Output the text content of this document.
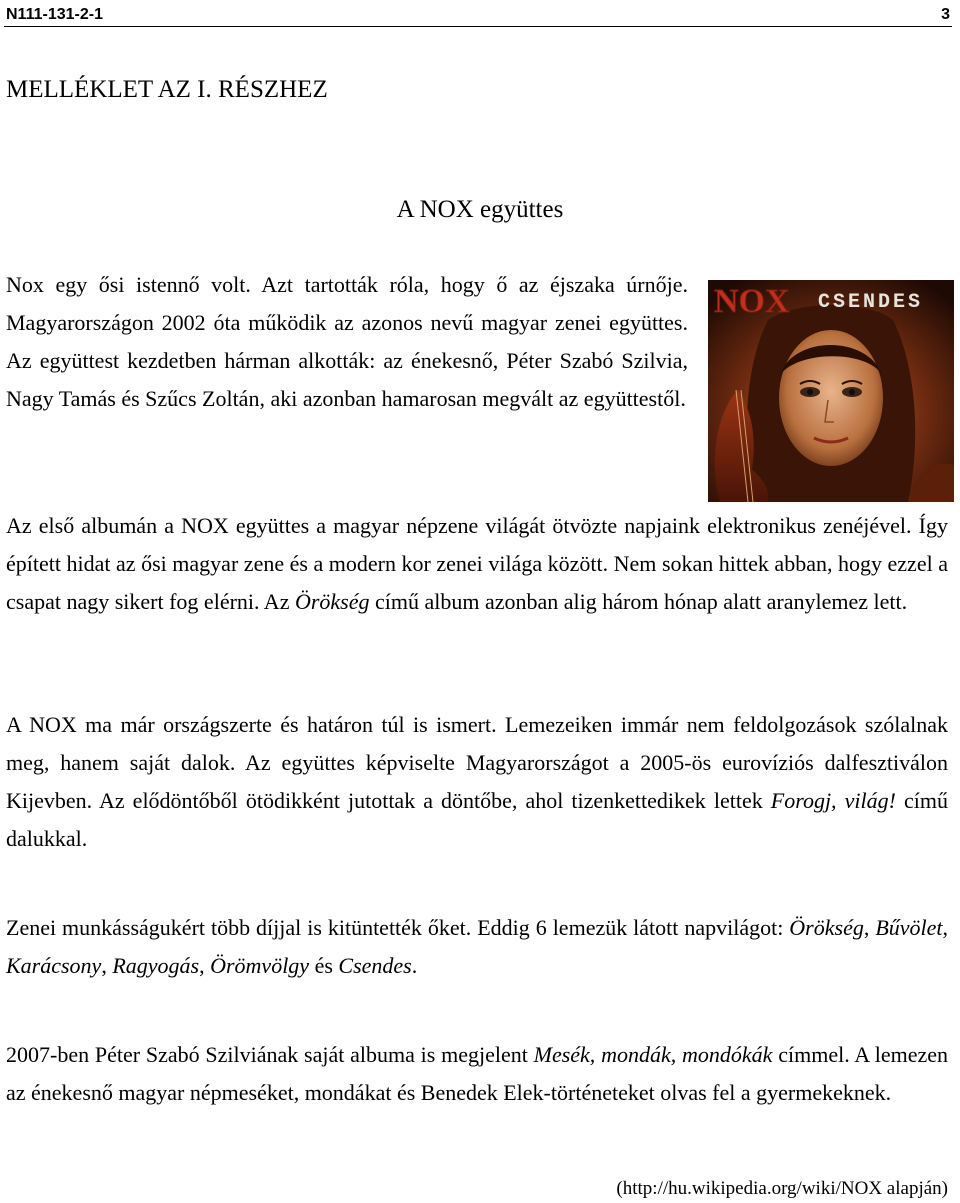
N111-131-2-1	3
MELLÉKLET AZ I. RÉSZHEZ
A NOX együttes

Nox egy ősi istennő volt. Azt tartották róla, hogy ő az éjszaka úrnője. Magyarországon 2002 óta működik az azonos nevű magyar zenei együttes. Az együttest kezdetben hárman alkották: az énekesnő, Péter Szabó Szilvia, Nagy Tamás és Szűcs Zoltán, aki azonban hamarosan megvált az együttestől.

NOX CSENDES

Az első albumán a NOX együttes a magyar népzene világát ötvözte napjaink elektronikus zenéjével. Így épített hidat az ősi magyar zene és a modern kor zenei világa között. Nem sokan hittek abban, hogy ezzel a csapat nagy sikert fog elérni. Az Örökség című album azonban alig három hónap alatt aranylemez lett.

A NOX ma már országszerte és határon túl is ismert. Lemezeiken immár nem feldolgozások szólalnak meg, hanem saját dalok. Az együttes képviselte Magyarországot a 2005-ös eurovíziós dalfesztiválon Kijevben. Az elődöntőből ötödikként jutottak a döntőbe, ahol tizenkettedikek lettek Forogj, világ! című dalukkal.

Zenei munkásságukért több díjjal is kitüntették őket. Eddig 6 lemezük látott napvilágot: Örökség, Bűvölet, Karácsony, Ragyogás, Örömvölgy és Csendes.

2007-ben Péter Szabó Szilviának saját albuma is megjelent Mesék, mondák, mondókák címmel. A lemezen az énekesnő magyar népmeséket, mondákat és Benedek Elek-történeteket olvas fel a gyermekeknek.

(http://hu.wikipedia.org/wiki/NOX alapján)
